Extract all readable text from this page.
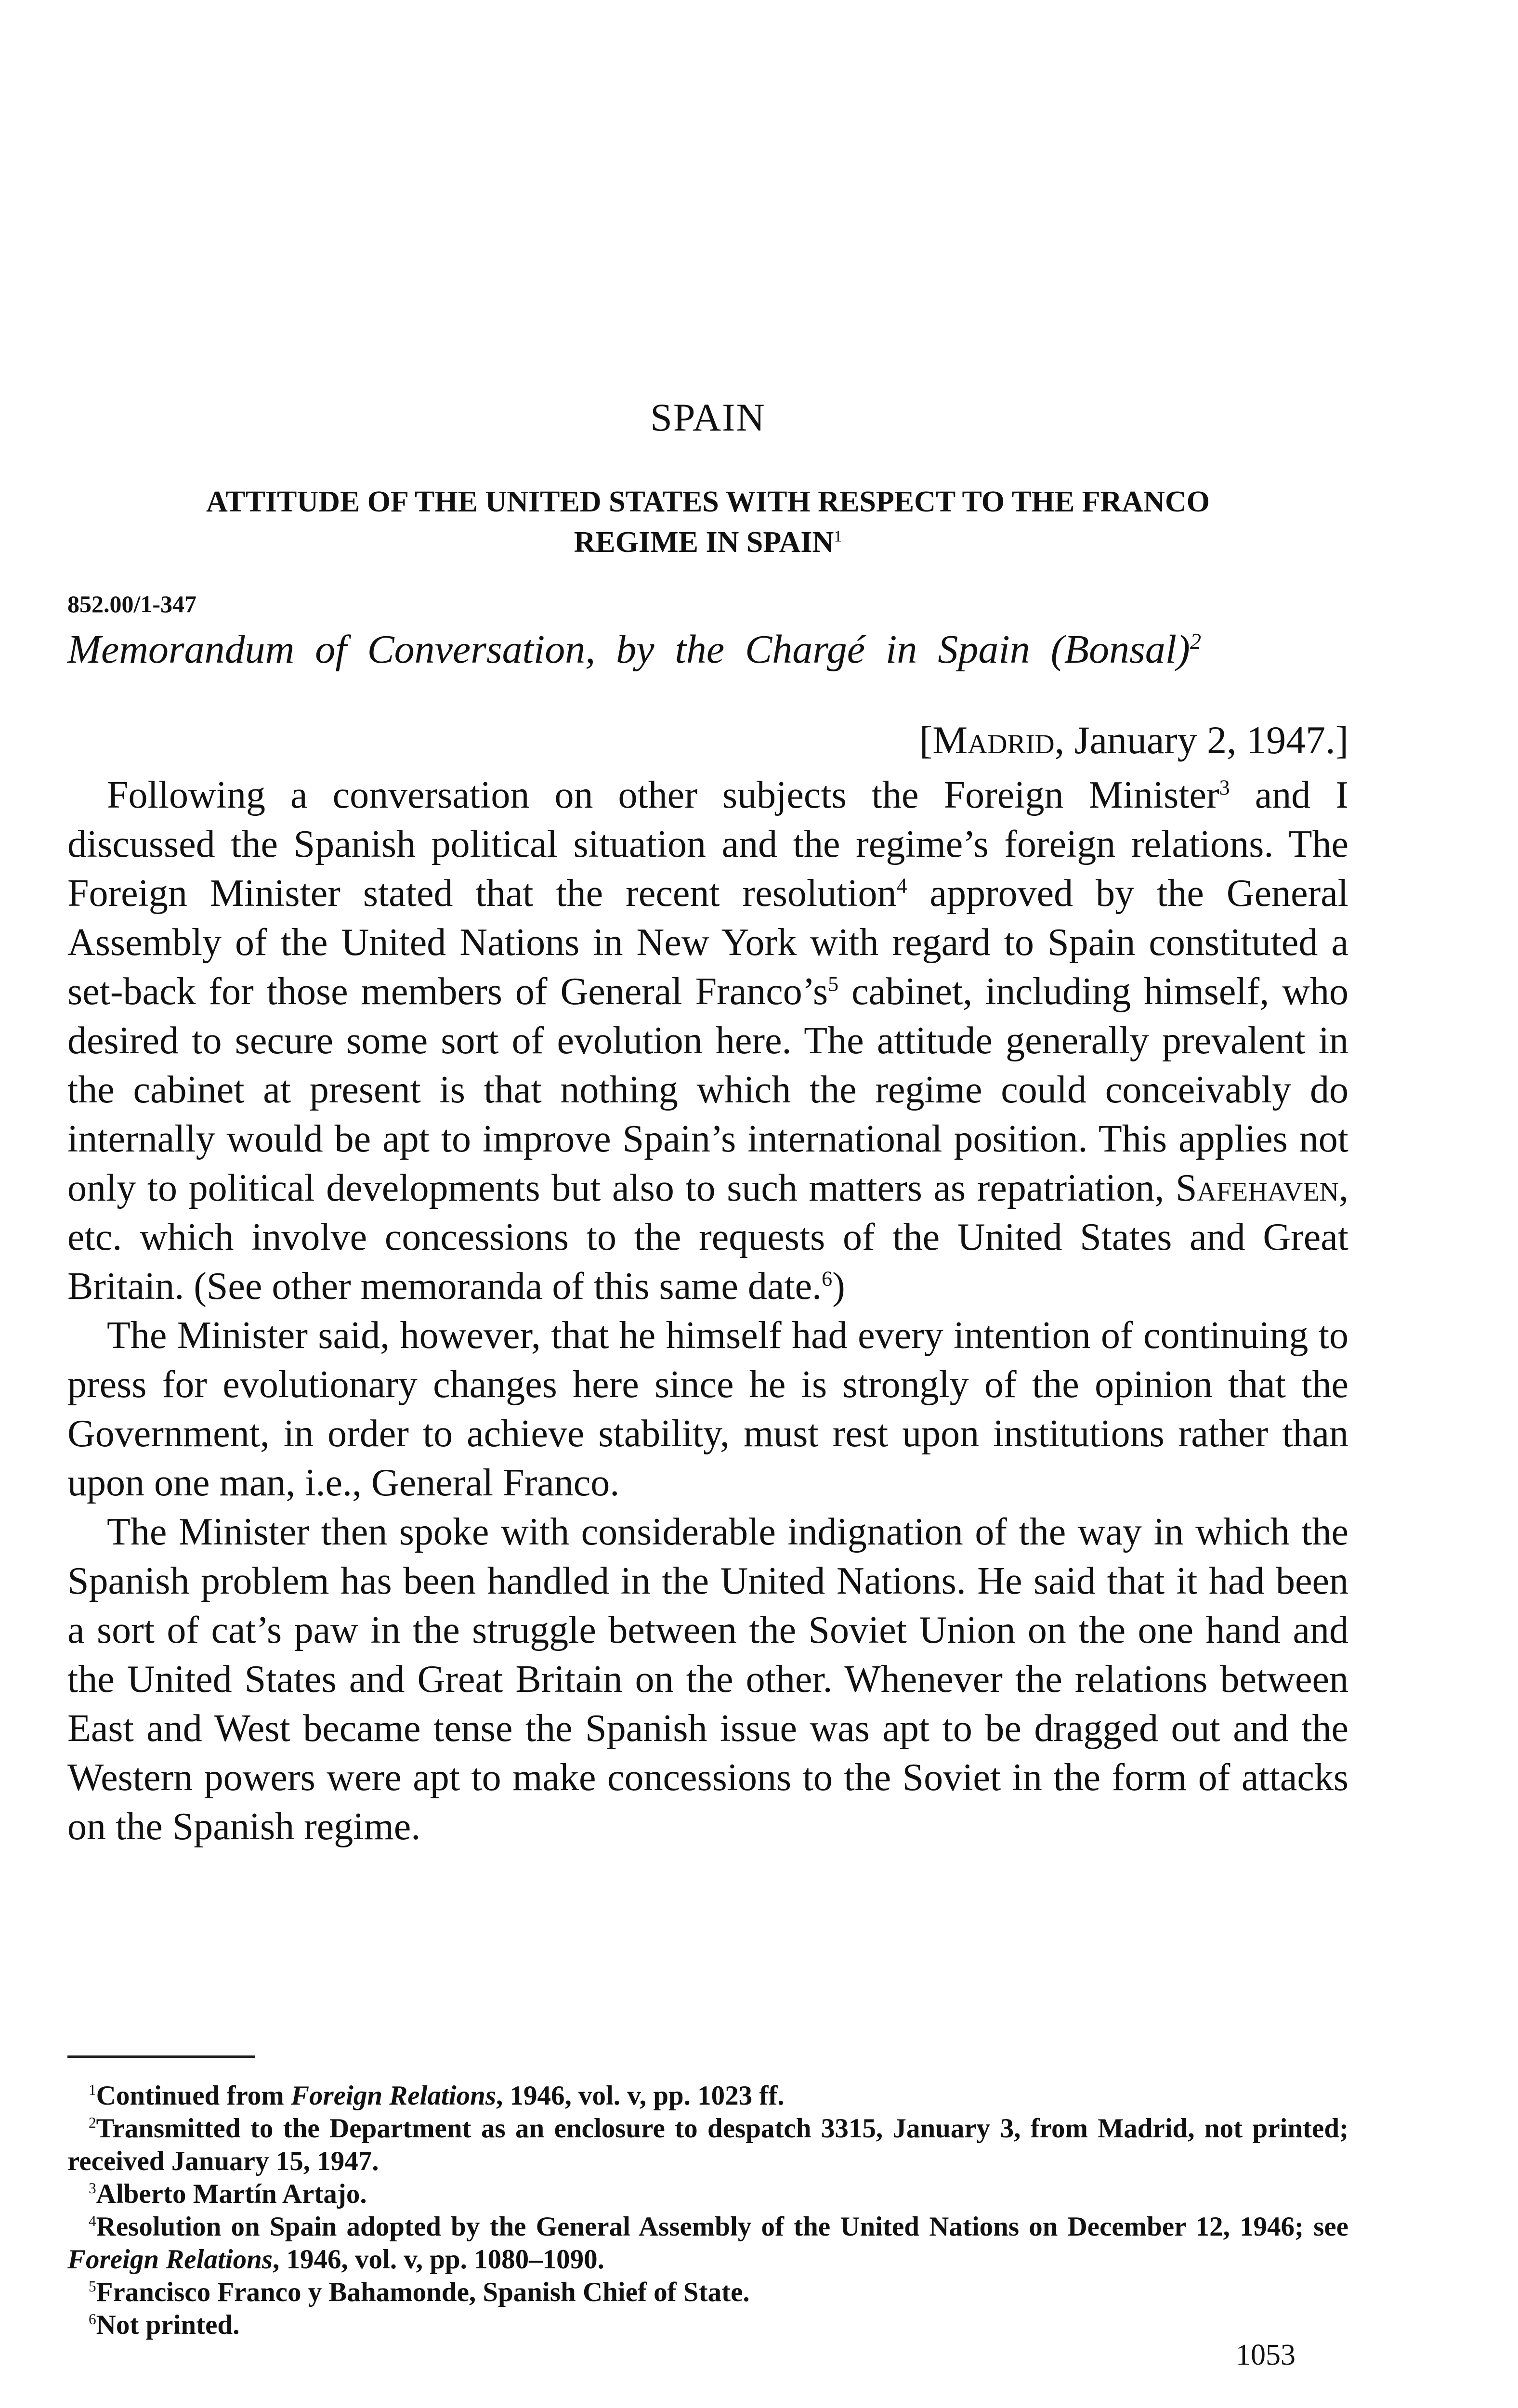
SPAIN
ATTITUDE OF THE UNITED STATES WITH RESPECT TO THE FRANCO
REGIME IN SPAIN$^1$

852.00/1-347

Memorandum of Conversation, by the Chargé in Spain (Bonsal)$^2$

[Madrid, January 2, 1947.]

Following a conversation on other subjects the Foreign Minister$^3$ and I discussed the Spanish political situation and the regime’s foreign relations. The Foreign Minister stated that the recent resolution$^4$ approved by the General Assembly of the United Nations in New York with regard to Spain constituted a set-back for those members of General $Franco’s^5$ cabinet, including himself, who desired to secure some sort of evolution here. The attitude generally prevalent in the cabinet at present is that nothing which the regime could conceivably do internally would be apt to improve Spain’s international position. This applies not only to political developments but also to such matters as repatriation, Safehaven, etc. which involve concessions to the requests of the United States and Great Britain. (See other memoranda of this same date.$^6$)

The Minister said, however, that he himself had every intention of continuing to press for evolutionary changes here since he is strongly of the opinion that the Government, in order to achieve stability, must rest upon institutions rather than upon one man, i.e., General Franco.

The Minister then spoke with considerable indignation of the way in which the Spanish problem has been handled in the United Nations. He said that it had been a sort of cat’s paw in the struggle between the Soviet Union on the one hand and the United States and Great Britain on the other. Whenever the relations between East and West became tense the Spanish issue was apt to be dragged out and the Western powers were apt to make concessions to the Soviet in the form of attacks on the Spanish regime.

$^1$Continued from Foreign Relations, 1946, vol. v, pp. 1023 ff.

$^2$Transmitted to the Department as an enclosure to despatch 3315, January 3, from Madrid, not printed; received January 15, 1947.

$^3$Alberto Martín Artajo.

$^4$Resolution on Spain adopted by the General Assembly of the United Nations on December 12, 1946; see Foreign Relations, 1946, vol. v, pp. 1080–1090.

$^5$Francisco Franco y Bahamonde, Spanish Chief of State.

$^6$Not printed.

1053
